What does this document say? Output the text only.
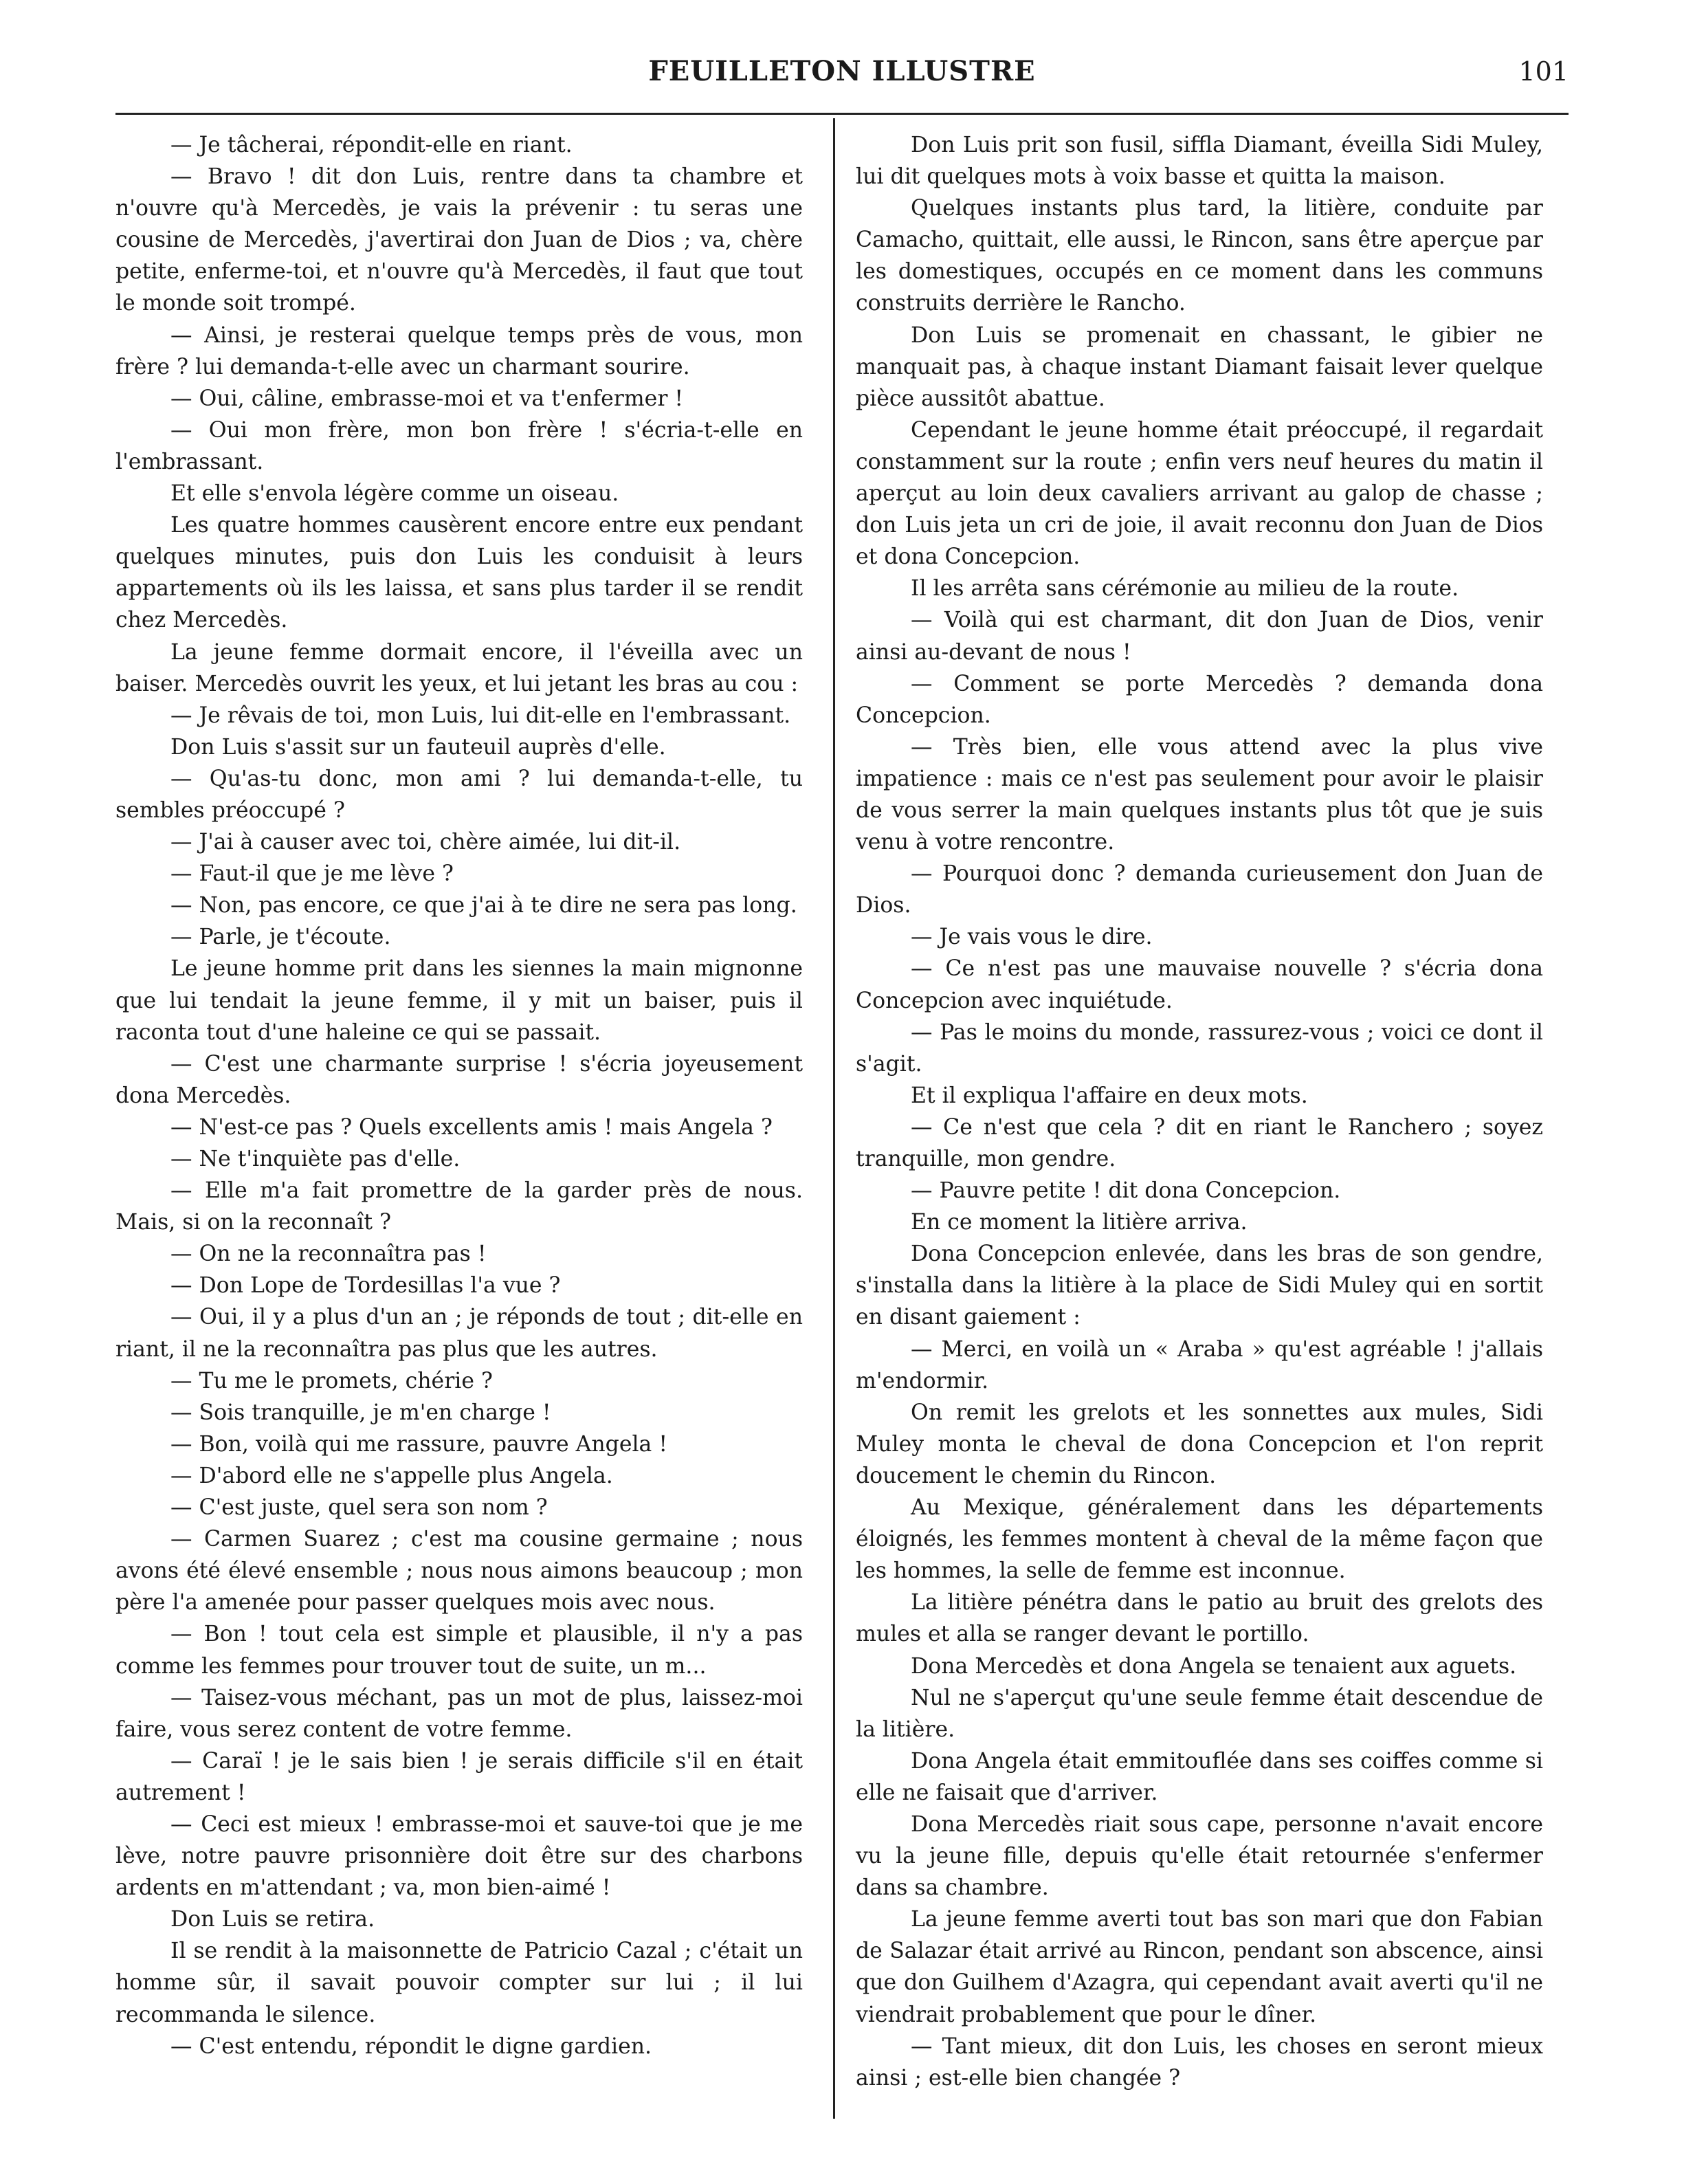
FEUILLETON ILLUSTRE	101

— Je tâcherai, répondit-elle en riant.

— Bravo ! dit don Luis, rentre dans ta chambre et n'ouvre qu'à Mercedès, je vais la prévenir : tu seras une cousine de Mercedès, j'avertirai don Juan de Dios ; va, chère petite, enferme-toi, et n'ouvre qu'à Mercedès, il faut que tout le monde soit trompé.

— Ainsi, je resterai quelque temps près de vous, mon frère ? lui demanda-t-elle avec un charmant sourire.

— Oui, câline, embrasse-moi et va t'enfermer !

— Oui mon frère, mon bon frère ! s'écria-t-elle en l'embrassant.

Et elle s'envola légère comme un oiseau.

Les quatre hommes causèrent encore entre eux pendant quelques minutes, puis don Luis les conduisit à leurs appartements où ils les laissa, et sans plus tarder il se rendit chez Mercedès.

La jeune femme dormait encore, il l'éveilla avec un baiser. Mercedès ouvrit les yeux, et lui jetant les bras au cou :

— Je rêvais de toi, mon Luis, lui dit-elle en l'embrassant.

Don Luis s'assit sur un fauteuil auprès d'elle.

— Qu'as-tu donc, mon ami ? lui demanda-t-elle, tu sembles préoccupé ?

— J'ai à causer avec toi, chère aimée, lui dit-il.

— Faut-il que je me lève ?

— Non, pas encore, ce que j'ai à te dire ne sera pas long.

— Parle, je t'écoute.

Le jeune homme prit dans les siennes la main mignonne que lui tendait la jeune femme, il y mit un baiser, puis il raconta tout d'une haleine ce qui se passait.

— C'est une charmante surprise ! s'écria joyeusement dona Mercedès.

— N'est-ce pas ? Quels excellents amis ! mais Angela ?

— Ne t'inquiète pas d'elle.

— Elle m'a fait promettre de la garder près de nous. Mais, si on la reconnaît ?

— On ne la reconnaîtra pas !

— Don Lope de Tordesillas l'a vue ?

— Oui, il y a plus d'un an ; je réponds de tout ; dit-elle en riant, il ne la reconnaîtra pas plus que les autres.

— Tu me le promets, chérie ?

— Sois tranquille, je m'en charge !

— Bon, voilà qui me rassure, pauvre Angela !

— D'abord elle ne s'appelle plus Angela.

— C'est juste, quel sera son nom ?

— Carmen Suarez ; c'est ma cousine germaine ; nous avons été élevé ensemble ; nous nous aimons beaucoup ; mon père l'a amenée pour passer quelques mois avec nous.

— Bon ! tout cela est simple et plausible, il n'y a pas comme les femmes pour trouver tout de suite, un m...

— Taisez-vous méchant, pas un mot de plus, laissez-moi faire, vous serez content de votre femme.

— Caraï ! je le sais bien ! je serais difficile s'il en était autrement !

— Ceci est mieux ! embrasse-moi et sauve-toi que je me lève, notre pauvre prisonnière doit être sur des charbons ardents en m'attendant ; va, mon bien-aimé !

Don Luis se retira.

Il se rendit à la maisonnette de Patricio Cazal ; c'était un homme sûr, il savait pouvoir compter sur lui ; il lui recommanda le silence.

— C'est entendu, répondit le digne gardien.

Don Luis prit son fusil, siffla Diamant, éveilla Sidi Muley, lui dit quelques mots à voix basse et quitta la maison.

Quelques instants plus tard, la litière, conduite par Camacho, quittait, elle aussi, le Rincon, sans être aperçue par les domestiques, occupés en ce moment dans les communs construits derrière le Rancho.

Don Luis se promenait en chassant, le gibier ne manquait pas, à chaque instant Diamant faisait lever quelque pièce aussitôt abattue.

Cependant le jeune homme était préoccupé, il regardait constamment sur la route ; enfin vers neuf heures du matin il aperçut au loin deux cavaliers arrivant au galop de chasse ; don Luis jeta un cri de joie, il avait reconnu don Juan de Dios et dona Concepcion.

Il les arrêta sans cérémonie au milieu de la route.

— Voilà qui est charmant, dit don Juan de Dios, venir ainsi au-devant de nous !

— Comment se porte Mercedès ? demanda dona Concepcion.

— Très bien, elle vous attend avec la plus vive impatience : mais ce n'est pas seulement pour avoir le plaisir de vous serrer la main quelques instants plus tôt que je suis venu à votre rencontre.

— Pourquoi donc ? demanda curieusement don Juan de Dios.

— Je vais vous le dire.

— Ce n'est pas une mauvaise nouvelle ? s'écria dona Concepcion avec inquiétude.

— Pas le moins du monde, rassurez-vous ; voici ce dont il s'agit.

Et il expliqua l'affaire en deux mots.

— Ce n'est que cela ? dit en riant le Ranchero ; soyez tranquille, mon gendre.

— Pauvre petite ! dit dona Concepcion.

En ce moment la litière arriva.

Dona Concepcion enlevée, dans les bras de son gendre, s'installa dans la litière à la place de Sidi Muley qui en sortit en disant gaiement :

— Merci, en voilà un « Araba » qu'est agréable ! j'allais m'endormir.

On remit les grelots et les sonnettes aux mules, Sidi Muley monta le cheval de dona Concepcion et l'on reprit doucement le chemin du Rincon.

Au Mexique, généralement dans les départements éloignés, les femmes montent à cheval de la même façon que les hommes, la selle de femme est inconnue.

La litière pénétra dans le patio au bruit des grelots des mules et alla se ranger devant le portillo.

Dona Mercedès et dona Angela se tenaient aux aguets.

Nul ne s'aperçut qu'une seule femme était descendue de la litière.

Dona Angela était emmitouflée dans ses coiffes comme si elle ne faisait que d'arriver.

Dona Mercedès riait sous cape, personne n'avait encore vu la jeune fille, depuis qu'elle était retournée s'enfermer dans sa chambre.

La jeune femme averti tout bas son mari que don Fabian de Salazar était arrivé au Rincon, pendant son abscence, ainsi que don Guilhem d'Azagra, qui cependant avait averti qu'il ne viendrait probablement que pour le dîner.

— Tant mieux, dit don Luis, les choses en seront mieux ainsi ; est-elle bien changée ?
